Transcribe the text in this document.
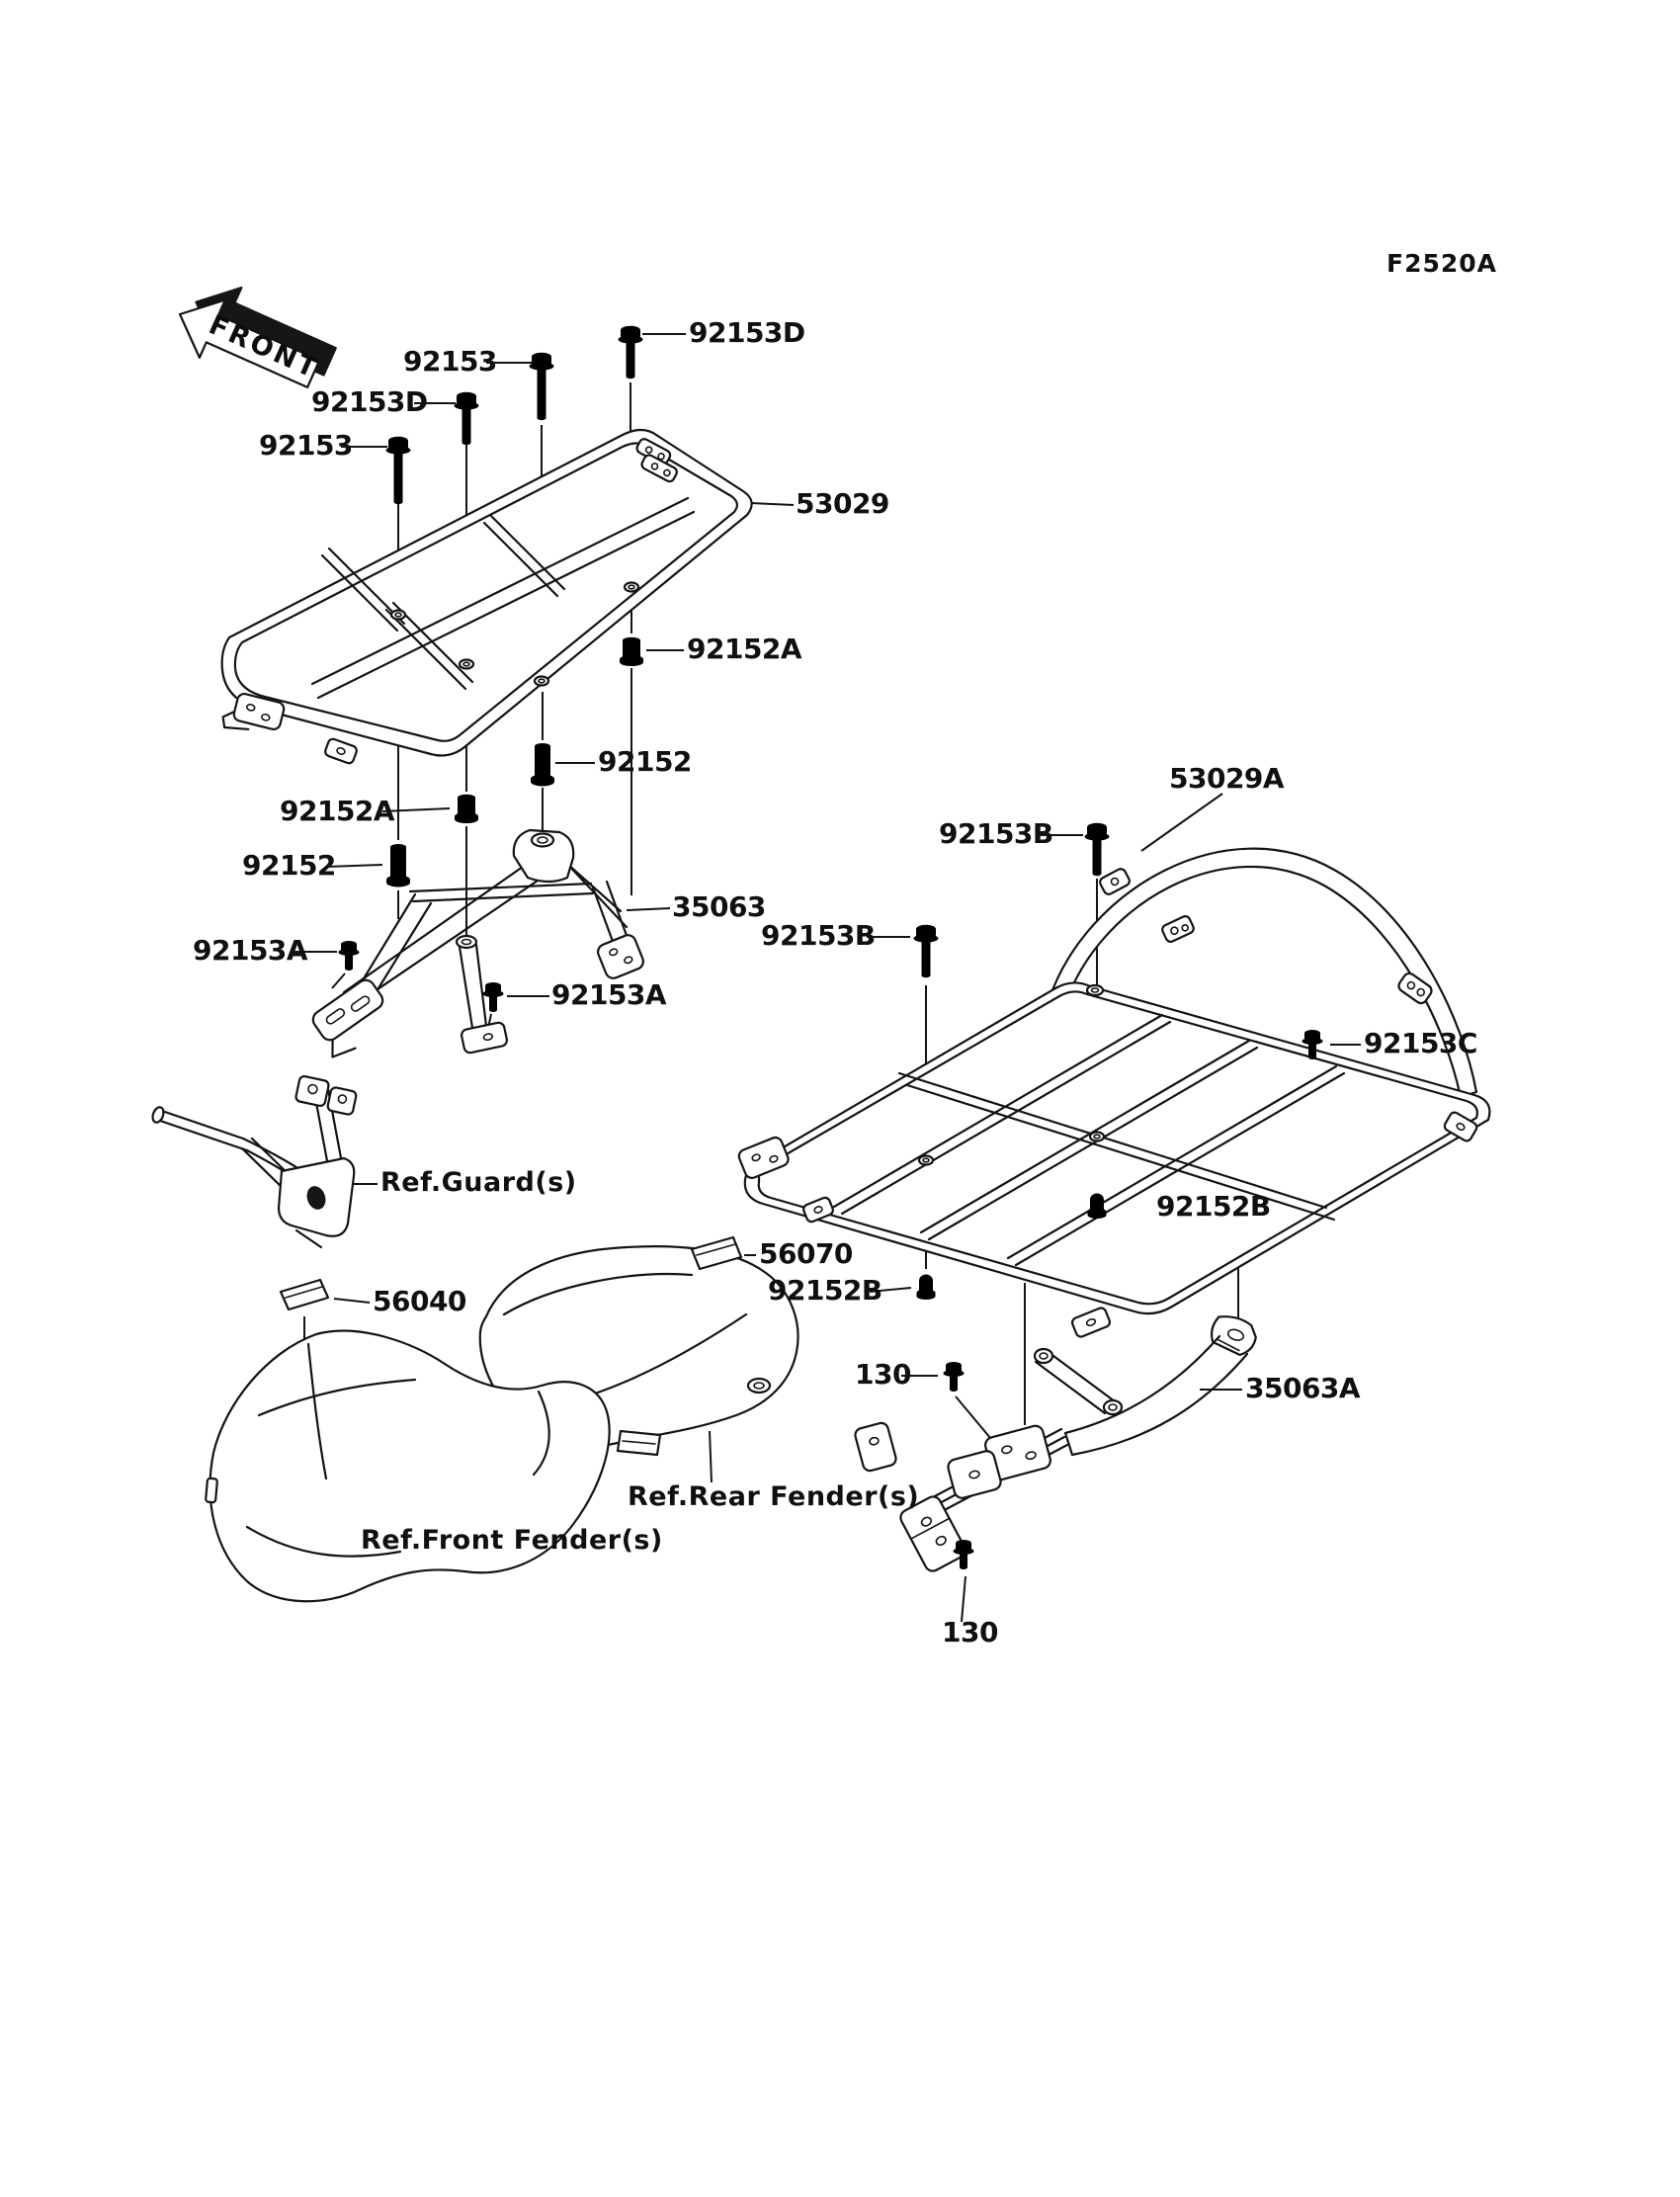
92153D
92153
92153D
92153
53029
92152A
92152
92152A
92152
35063
92153A
92153A
53029A
92153B
92153B
92153C
92152B
92152B
56070
56040
130
130
35063A
Ref.Guard(s)
Ref.Rear Fender(s)
Ref.Front Fender(s)
F2520A
FRONT
